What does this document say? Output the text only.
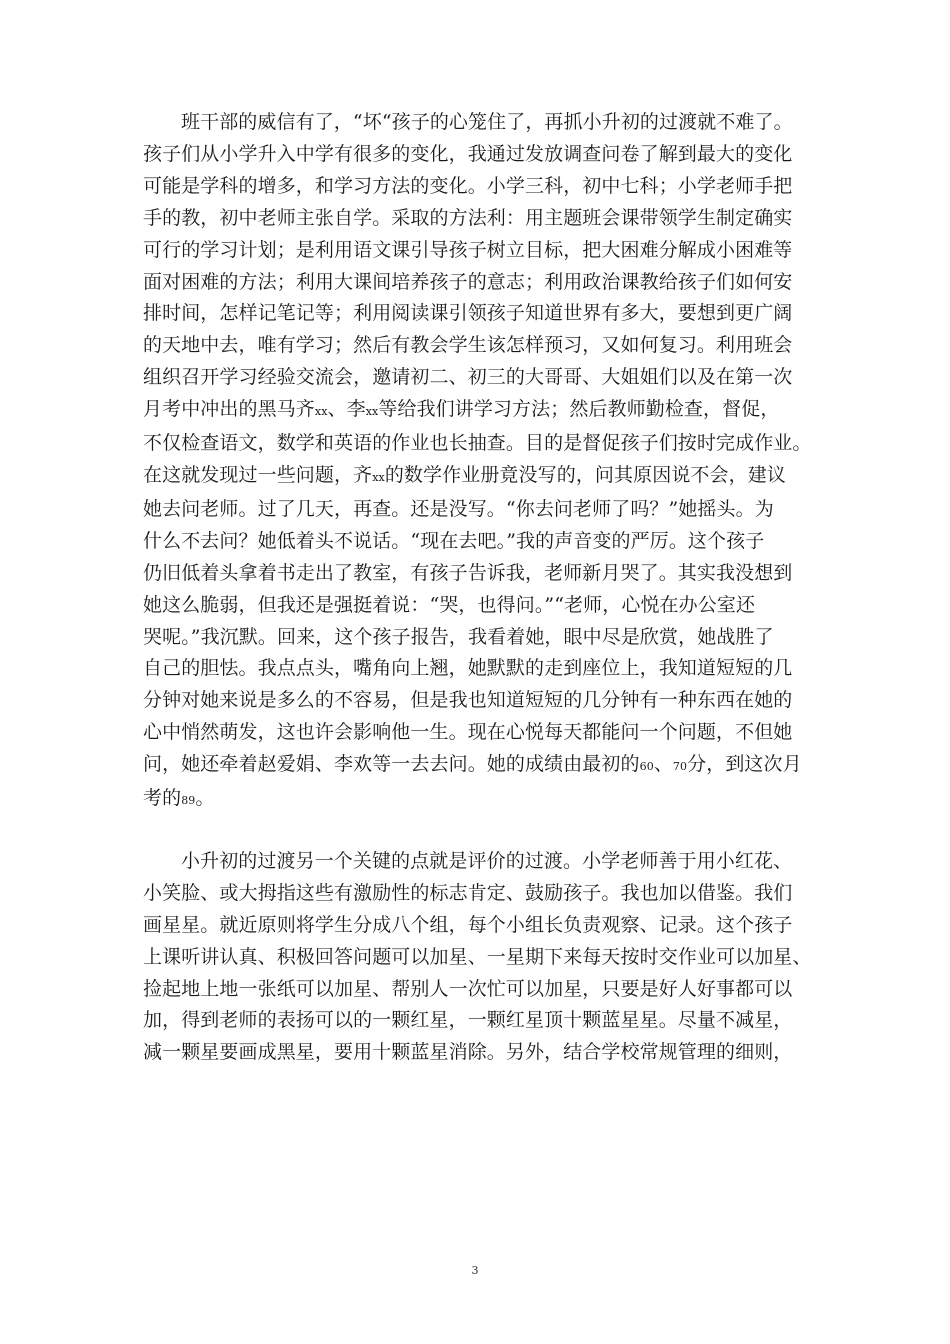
班干部的威信有了，“坏“孩子的心笼住了，再抓小升初的过渡就不难了。

孩子们从小学升入中学有很多的变化，我通过发放调查问卷了解到最大的变化

可能是学科的增多，和学习方法的变化。小学三科，初中七科；小学老师手把

手的教，初中老师主张自学。采取的方法利：用主题班会课带领学生制定确实

可行的学习计划；是利用语文课引导孩子树立目标，把大困难分解成小困难等

面对困难的方法；利用大课间培养孩子的意志；利用政治课教给孩子们如何安

排时间，怎样记笔记等；利用阅读课引领孩子知道世界有多大，要想到更广阔

的天地中去，唯有学习；然后有教会学生该怎样预习，又如何复习。利用班会

组织召开学习经验交流会，邀请初二、初三的大哥哥、大姐姐们以及在第一次

月考中冲出的黑马齐xx、李xx等给我们讲学习方法；然后教师勤检查，督促，

不仅检查语文，数学和英语的作业也长抽查。目的是督促孩子们按时完成作业。

在这就发现过一些问题，齐xx的数学作业册竟没写的，问其原因说不会，建议

她去问老师。过了几天，再查。还是没写。“你去问老师了吗？”她摇头。为

什么不去问？她低着头不说话。“现在去吧。”我的声音变的严厉。这个孩子

仍旧低着头拿着书走出了教室，有孩子告诉我，老师新月哭了。其实我没想到

她这么脆弱，但我还是强挺着说：“哭，也得问。”“老师，心悦在办公室还

哭呢。”我沉默。回来，这个孩子报告，我看着她，眼中尽是欣赏，她战胜了

自己的胆怯。我点点头，嘴角向上翘，她默默的走到座位上，我知道短短的几

分钟对她来说是多么的不容易，但是我也知道短短的几分钟有一种东西在她的

心中悄然萌发，这也许会影响他一生。现在心悦每天都能问一个问题，不但她

问，她还牵着赵爱娟、李欢等一去去问。她的成绩由最初的60、70分，到这次月

考的89。

小升初的过渡另一个关键的点就是评价的过渡。小学老师善于用小红花、

小笑脸、或大拇指这些有激励性的标志肯定、鼓励孩子。我也加以借鉴。我们

画星星。就近原则将学生分成八个组，每个小组长负责观察、记录。这个孩子

上课听讲认真、积极回答问题可以加星、一星期下来每天按时交作业可以加星、

捡起地上地一张纸可以加星、帮别人一次忙可以加星，只要是好人好事都可以

加，得到老师的表扬可以的一颗红星，一颗红星顶十颗蓝星星。尽量不减星，

减一颗星要画成黑星，要用十颗蓝星消除。另外，结合学校常规管理的细则，

3
